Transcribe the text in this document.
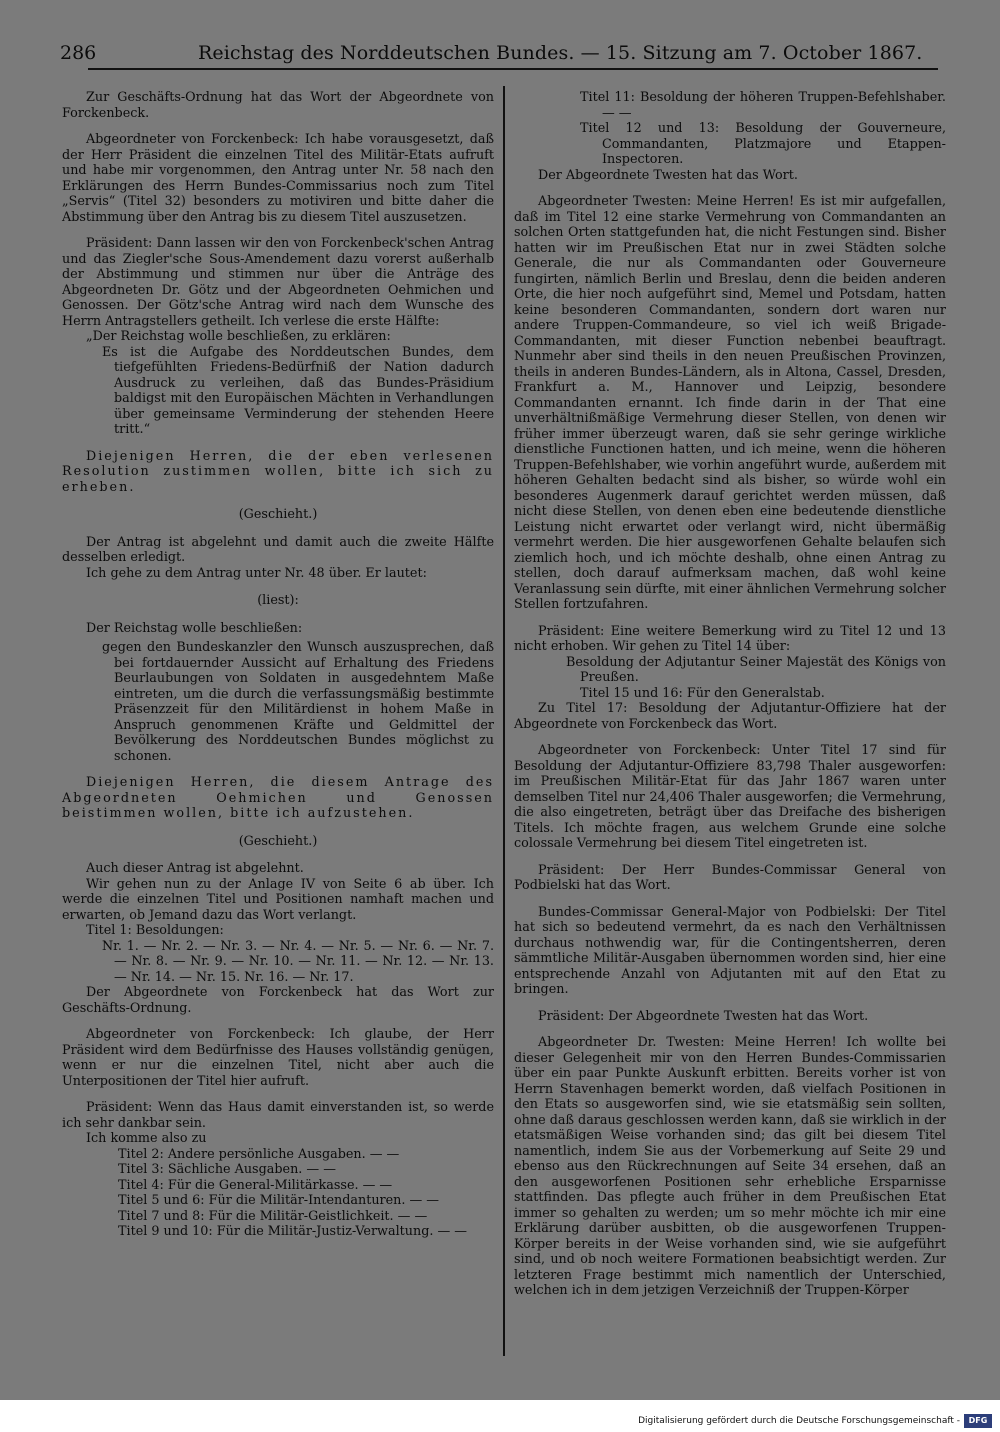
286	Reichstag des Norddeutschen Bundes. — 15. Sitzung am 7. October 1867.

Zur Geschäfts-Ordnung hat das Wort der Abgeordnete von Forckenbeck.

Abgeordneter von Forckenbeck: Ich habe vorausgesetzt, daß der Herr Präsident die einzelnen Titel des Militär-Etats aufruft und habe mir vorgenommen, den Antrag unter Nr. 58 nach den Erklärungen des Herrn Bundes-Commissarius noch zum Titel „Servis“ (Titel 32) besonders zu motiviren und bitte daher die Abstimmung über den Antrag bis zu diesem Titel auszusetzen.

Präsident: Dann lassen wir den von Forckenbeck'schen Antrag und das Ziegler'sche Sous-Amendement dazu vorerst außerhalb der Abstimmung und stimmen nur über die Anträge des Abgeordneten Dr. Götz und der Abgeordneten Oehmichen und Genossen. Der Götz'sche Antrag wird nach dem Wunsche des Herrn Antragstellers getheilt. Ich verlese die erste Hälfte:

„Der Reichstag wolle beschließen, zu erklären:

Es ist die Aufgabe des Norddeutschen Bundes, dem tiefgefühlten Friedens-Bedürfniß der Nation dadurch Ausdruck zu verleihen, daß das Bundes-Präsidium baldigst mit den Europäischen Mächten in Verhandlungen über gemeinsame Verminderung der stehenden Heere tritt.“

Diejenigen Herren, die der eben verlesenen Resolution zustimmen wollen, bitte ich sich zu erheben.

(Geschieht.)

Der Antrag ist abgelehnt und damit auch die zweite Hälfte desselben erledigt.

Ich gehe zu dem Antrag unter Nr. 48 über. Er lautet:

(liest):

Der Reichstag wolle beschließen:

gegen den Bundeskanzler den Wunsch auszusprechen, daß bei fortdauernder Aussicht auf Erhaltung des Friedens Beurlaubungen von Soldaten in ausgedehntem Maße eintreten, um die durch die verfassungsmäßig bestimmte Präsenzzeit für den Militärdienst in hohem Maße in Anspruch genommenen Kräfte und Geldmittel der Bevölkerung des Norddeutschen Bundes möglichst zu schonen.

Diejenigen Herren, die diesem Antrage des Abgeordneten Oehmichen und Genossen beistimmen wollen, bitte ich aufzustehen.

(Geschieht.)

Auch dieser Antrag ist abgelehnt.

Wir gehen nun zu der Anlage IV von Seite 6 ab über. Ich werde die einzelnen Titel und Positionen namhaft machen und erwarten, ob Jemand dazu das Wort verlangt.

Titel 1: Besoldungen:

Nr. 1. — Nr. 2. — Nr. 3. — Nr. 4. — Nr. 5. — Nr. 6. — Nr. 7. — Nr. 8. — Nr. 9. — Nr. 10. — Nr. 11. — Nr. 12. — Nr. 13. — Nr. 14. — Nr. 15. Nr. 16. — Nr. 17.

Der Abgeordnete von Forckenbeck hat das Wort zur Geschäfts-Ordnung.

Abgeordneter von Forckenbeck: Ich glaube, der Herr Präsident wird dem Bedürfnisse des Hauses vollständig genügen, wenn er nur die einzelnen Titel, nicht aber auch die Unterpositionen der Titel hier aufruft.

Präsident: Wenn das Haus damit einverstanden ist, so werde ich sehr dankbar sein.

Ich komme also zu

Titel 2: Andere persönliche Ausgaben. — —

Titel 3: Sächliche Ausgaben. — —

Titel 4: Für die General-Militärkasse. — —

Titel 5 und 6: Für die Militär-Intendanturen. — —

Titel 7 und 8: Für die Militär-Geistlichkeit. — —

Titel 9 und 10: Für die Militär-Justiz-Verwaltung. — —

Titel 11: Besoldung der höheren Truppen-Befehlshaber. — —

Titel 12 und 13: Besoldung der Gouverneure, Commandanten, Platzmajore und Etappen-Inspectoren.

Der Abgeordnete Twesten hat das Wort.

Abgeordneter Twesten: Meine Herren! Es ist mir aufgefallen, daß im Titel 12 eine starke Vermehrung von Commandanten an solchen Orten stattgefunden hat, die nicht Festungen sind. Bisher hatten wir im Preußischen Etat nur in zwei Städten solche Generale, die nur als Commandanten oder Gouverneure fungirten, nämlich Berlin und Breslau, denn die beiden anderen Orte, die hier noch aufgeführt sind, Memel und Potsdam, hatten keine besonderen Commandanten, sondern dort waren nur andere Truppen-Commandeure, so viel ich weiß Brigade-Commandanten, mit dieser Function nebenbei beauftragt. Nunmehr aber sind theils in den neuen Preußischen Provinzen, theils in anderen Bundes-Ländern, als in Altona, Cassel, Dresden, Frankfurt a. M., Hannover und Leipzig, besondere Commandanten ernannt. Ich finde darin in der That eine unverhältnißmäßige Vermehrung dieser Stellen, von denen wir früher immer überzeugt waren, daß sie sehr geringe wirkliche dienstliche Functionen hatten, und ich meine, wenn die höheren Truppen-Befehlshaber, wie vorhin angeführt wurde, außerdem mit höheren Gehalten bedacht sind als bisher, so würde wohl ein besonderes Augenmerk darauf gerichtet werden müssen, daß nicht diese Stellen, von denen eben eine bedeutende dienstliche Leistung nicht erwartet oder verlangt wird, nicht übermäßig vermehrt werden. Die hier ausgeworfenen Gehalte belaufen sich ziemlich hoch, und ich möchte deshalb, ohne einen Antrag zu stellen, doch darauf aufmerksam machen, daß wohl keine Veranlassung sein dürfte, mit einer ähnlichen Vermehrung solcher Stellen fortzufahren.

Präsident: Eine weitere Bemerkung wird zu Titel 12 und 13 nicht erhoben. Wir gehen zu Titel 14 über:

Besoldung der Adjutantur Seiner Majestät des Königs von Preußen.

Titel 15 und 16: Für den Generalstab.

Zu Titel 17: Besoldung der Adjutantur-Offiziere hat der Abgeordnete von Forckenbeck das Wort.

Abgeordneter von Forckenbeck: Unter Titel 17 sind für Besoldung der Adjutantur-Offiziere 83,798 Thaler ausgeworfen: im Preußischen Militär-Etat für das Jahr 1867 waren unter demselben Titel nur 24,406 Thaler ausgeworfen; die Vermehrung, die also eingetreten, beträgt über das Dreifache des bisherigen Titels. Ich möchte fragen, aus welchem Grunde eine solche colossale Vermehrung bei diesem Titel eingetreten ist.

Präsident: Der Herr Bundes-Commissar General von Podbielski hat das Wort.

Bundes-Commissar General-Major von Podbielski: Der Titel hat sich so bedeutend vermehrt, da es nach den Verhältnissen durchaus nothwendig war, für die Contingentsherren, deren sämmtliche Militär-Ausgaben übernommen worden sind, hier eine entsprechende Anzahl von Adjutanten mit auf den Etat zu bringen.

Präsident: Der Abgeordnete Twesten hat das Wort.

Abgeordneter Dr. Twesten: Meine Herren! Ich wollte bei dieser Gelegenheit mir von den Herren Bundes-Commissarien über ein paar Punkte Auskunft erbitten. Bereits vorher ist von Herrn Stavenhagen bemerkt worden, daß vielfach Positionen in den Etats so ausgeworfen sind, wie sie etatsmäßig sein sollten, ohne daß daraus geschlossen werden kann, daß sie wirklich in der etatsmäßigen Weise vorhanden sind; das gilt bei diesem Titel namentlich, indem Sie aus der Vorbemerkung auf Seite 29 und ebenso aus den Rückrechnungen auf Seite 34 ersehen, daß an den ausgeworfenen Positionen sehr erhebliche Ersparnisse stattfinden. Das pflegte auch früher in dem Preußischen Etat immer so gehalten zu werden; um so mehr möchte ich mir eine Erklärung darüber ausbitten, ob die ausgeworfenen Truppen-Körper bereits in der Weise vorhanden sind, wie sie aufgeführt sind, und ob noch weitere Formationen beabsichtigt werden. Zur letzteren Frage bestimmt mich namentlich der Unterschied, welchen ich in dem jetzigen Verzeichniß der Truppen-Körper

Digitalisierung gefördert durch die Deutsche Forschungsgemeinschaft -	DFG
